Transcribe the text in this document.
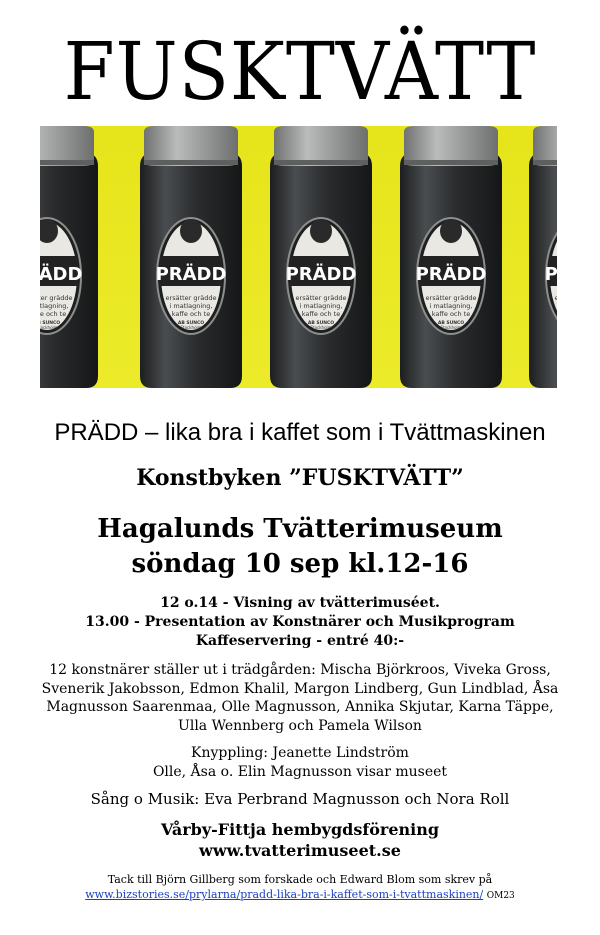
FUSKTVÄTT
PRÄDD – lika bra i kaffet som i Tvättmaskinen
Konstbyken ”FUSKTVÄTT”
Hagalunds Tvätterimuseum
söndag 10 sep kl.12-16
12 o.14 - Visning av tvätterimuséet.
13.00 - Presentation av Konstnärer och Musikprogram
Kaffeservering - entré 40:-
12 konstnärer ställer ut i trädgården: Mischa Björkroos, Viveka Gross, Svenerik Jakobsson, Edmon Khalil, Margon Lindberg, Gun Lindblad, Åsa Magnusson Saarenmaa, Olle Magnusson, Annika Skjutar, Karna Täppe, Ulla Wennberg och Pamela Wilson
Knyppling: Jeanette Lindström
Olle, Åsa o. Elin Magnusson visar museet
Sång o Musik: Eva Perbrand Magnusson och Nora Roll
Vårby-Fittja hembygdsförening
www.tvatterimuseet.se
Tack till Björn Gillberg som forskade och Edward Blom som skrev på
www.bizstories.se/prylarna/pradd-lika-bra-i-kaffet-som-i-tvattmaskinen/ OM23
